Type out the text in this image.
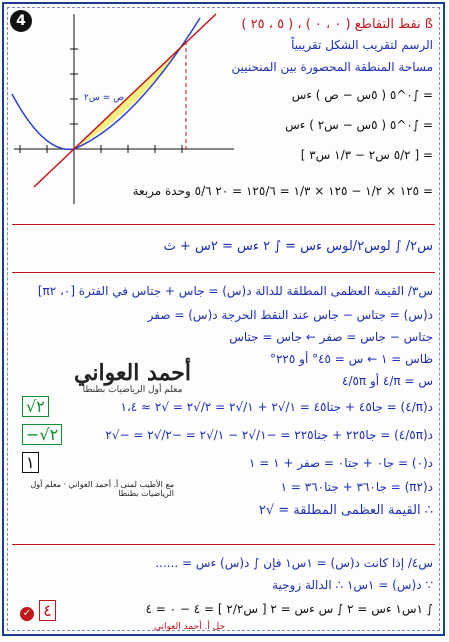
4
ص = س٢
ß نقط التقاطع ( ٠ ، ٠ ) ، ( ٥ ، ٢٥ )
الرسم لتقريب الشكل تقريبياً
مساحة المنطقة المحصورة بين المنحنيين
= ∫٠^٥ ( ٥س − ص ) ءس
= ∫٠^٥ ( ٥س − س٢ ) ءس
= [ ٥/٢ س٢ − ١/٣ س٣ ]
= ١٢٥ × ١/٢ − ١٢٥ × ١/٣ = ١٢٥/٦ = ٢٠ ٥/٦ وحدة مربعة
س٢/ ∫ لوس٢/لوس ءس = ∫ ٢ ءس = ٢س + ث
س٣/ القيمة العظمى المطلقة للدالة د(س) = جاس + جتاس في الفترة [٠، π٢]
د(س) = جتاس − جاس عند النقط الحرجة د(س) = صفر
جتاس − جاس = صفر ← جاس = جتاس
ظاس = ١ ← س = ٤٥° أو ٢٢٥°
س = π/٤ أو ٥π/٤
د(π/٤) = جا٤٥ + جتا٤٥ = ١/√٢ + ١/√٢ = ٢/√٢ = √٢ ≈ ١،٤
د(٥π/٤) = جا٢٢٥ + جتا٢٢٥ = −١/√٢ − ١/√٢ = −٢/√٢ = −√٢
د(٠) = جا٠ + جتا٠ = صفر + ١ = ١
د(π٢) = جا٣٦٠ + جتا٣٦٠ = ١
∴ القيمة العظمى المطلقة = √٢
√٢
−√٢
١
أحمد العواني
معلم أول الرياضيات بطنطا
مع الأطيب لمنى أ. أحمد العواني · معلم أول الرياضيات بطنطا
س٤/ إذا كانت د(س) = ١س١ فإن ∫ د(س) ءس = ......
∵ د(س) = ١س١ ∴ الدالة زوجية
∫ ١س١ ءس = ٢ ∫ س ءس = ٢ [ س٢/٢ ] = ٤ − ٠ = ٤
✓ ٤
حل أ. أحمد العواني
